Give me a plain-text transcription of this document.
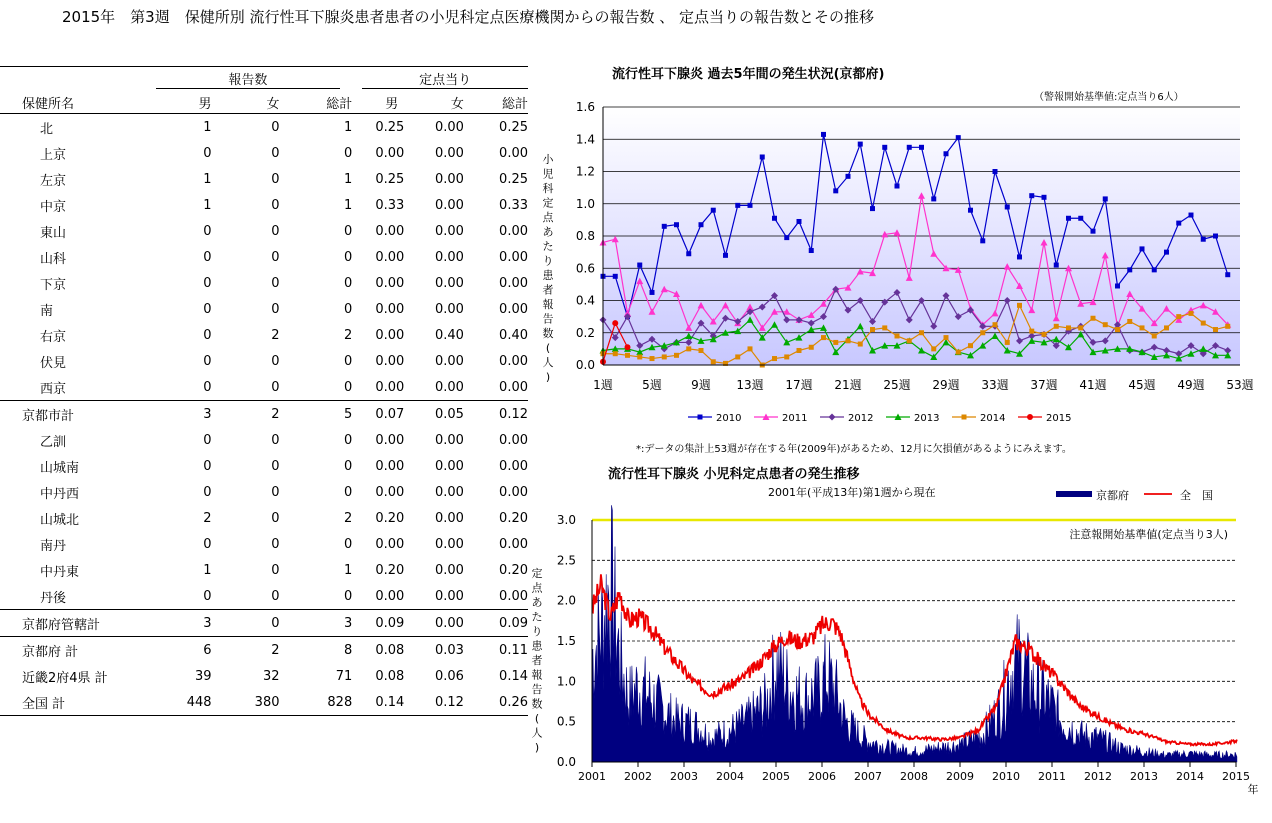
2015年　第3週　保健所別 流行性耳下腺炎患者患者の小児科定点医療機関からの報告数 、 定点当りの報告数とその推移

	報告数			定点当り		

保健所名	男	女	総計	男	女	総計
北	1	0	1	0.25	0.00	0.25
上京	0	0	0	0.00	0.00	0.00
左京	1	0	1	0.25	0.00	0.25
中京	1	0	1	0.33	0.00	0.33
東山	0	0	0	0.00	0.00	0.00
山科	0	0	0	0.00	0.00	0.00
下京	0	0	0	0.00	0.00	0.00
南	0	0	0	0.00	0.00	0.00
右京	0	2	2	0.00	0.40	0.40
伏見	0	0	0	0.00	0.00	0.00
西京	0	0	0	0.00	0.00	0.00
京都市計	3	2	5	0.07	0.05	0.12
乙訓	0	0	0	0.00	0.00	0.00
山城南	0	0	0	0.00	0.00	0.00
中丹西	0	0	0	0.00	0.00	0.00
山城北	2	0	2	0.20	0.00	0.20
南丹	0	0	0	0.00	0.00	0.00
中丹東	1	0	1	0.20	0.00	0.20
丹後	0	0	0	0.00	0.00	0.00
京都府管轄計	3	0	3	0.09	0.00	0.09
京都府 計	6	2	8	0.08	0.03	0.11
近畿2府4県 計	39	32	71	0.08	0.06	0.14
全国 計	448	380	828	0.14	0.12	0.26
流行性耳下腺炎 過去5年間の発生状況(京都府)
（警報開始基準値:定点当り6人）
0.0
0.2
0.4
0.6
0.8
1.0
1.2
1.4
1.6
1週 5週 9週 13週 17週 21週 25週 29週 33週 37週 41週 45週 49週 53週
小
児
科
定
点
あ
た
り
患
者
報
告
数
(
人
)
2010	2011	2012	2013	2014	2015
*:データの集計上53週が存在する年(2009年)があるため、12月に欠損値があるようにみえます。
流行性耳下腺炎 小児科定点患者の発生推移
2001年(平成13年)第1週から現在	京都府	全　国
注意報開始基準値(定点当り3人)
0.0
0.5
1.0
1.5
2.0
2.5
3.0
2001 2002 2003 2004 2005 2006 2007 2008 2009 2010 2011 2012 2013 2014 2015
年
定
点
あ
た
り
患
者
報
告
数
(
人
)
